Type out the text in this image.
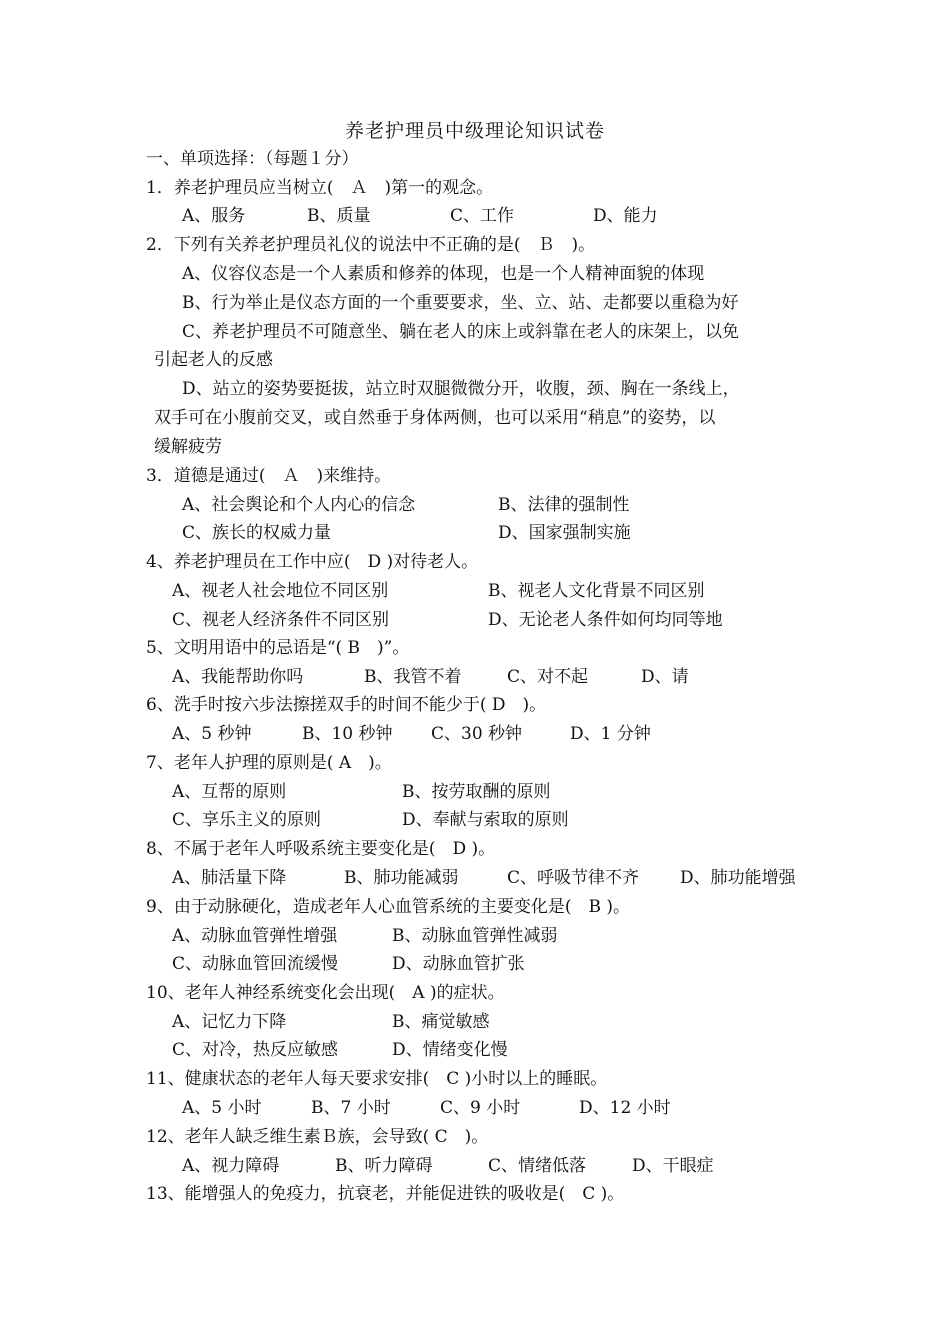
养老护理员中级理论知识试卷
一、单项选择：（每题１分）
1．养老护理员应当树立(　Ａ　)第一的观念。
A、服务	B、质量	C、工作	D、能力
2．下列有关养老护理员礼仪的说法中不正确的是(　Ｂ　)。
A、仪容仪态是一个人素质和修养的体现，也是一个人精神面貌的体现
B、行为举止是仪态方面的一个重要要求，坐、立、站、走都要以重稳为好
C、养老护理员不可随意坐、躺在老人的床上或斜靠在老人的床架上，以免
引起老人的反感
D、站立的姿势要挺拔，站立时双腿微微分开，收腹，颈、胸在一条线上，
双手可在小腹前交叉，或自然垂于身体两侧，也可以采用“稍息”的姿势，以
缓解疲劳
3．道德是通过(　Ａ　)来维持。
A、社会舆论和个人内心的信念	B、法律的强制性
C、族长的权威力量	D、国家强制实施
4、养老护理员在工作中应(　D )对待老人。
A、视老人社会地位不同区别	B、视老人文化背景不同区别
C、视老人经济条件不同区别	D、无论老人条件如何均同等地
5、文明用语中的忌语是“( B　)”。
A、我能帮助你吗	B、我管不着	C、对不起	D、请
6、洗手时按六步法擦搓双手的时间不能少于( D　)。
A、5 秒钟	B、10 秒钟 C、30 秒钟	D、1 分钟
7、老年人护理的原则是( A　)。
A、互帮的原则	B、按劳取酬的原则
C、享乐主义的原则	D、奉献与索取的原则
8、不属于老年人呼吸系统主要变化是(　D )。
A、肺活量下降	B、肺功能减弱	C、呼吸节律不齐 D、肺功能增强
9、由于动脉硬化，造成老年人心血管系统的主要变化是(　B )。
A、动脉血管弹性增强	B、动脉血管弹性减弱
C、动脉血管回流缓慢	D、动脉血管扩张
10、老年人神经系统变化会出现(　A )的症状。
A、记忆力下降	B、痛觉敏感
C、对冷，热反应敏感	D、情绪变化慢
11、健康状态的老年人每天要求安排(　C )小时以上的睡眠。
A、5 小时	B、7 小时	C、9 小时	D、12 小时
12、老年人缺乏维生素Ｂ族，会导致( C　)。
A、视力障碍	B、听力障碍	C、情绪低落	D、干眼症
13、能增强人的免疫力，抗衰老，并能促进铁的吸收是(　C )。
